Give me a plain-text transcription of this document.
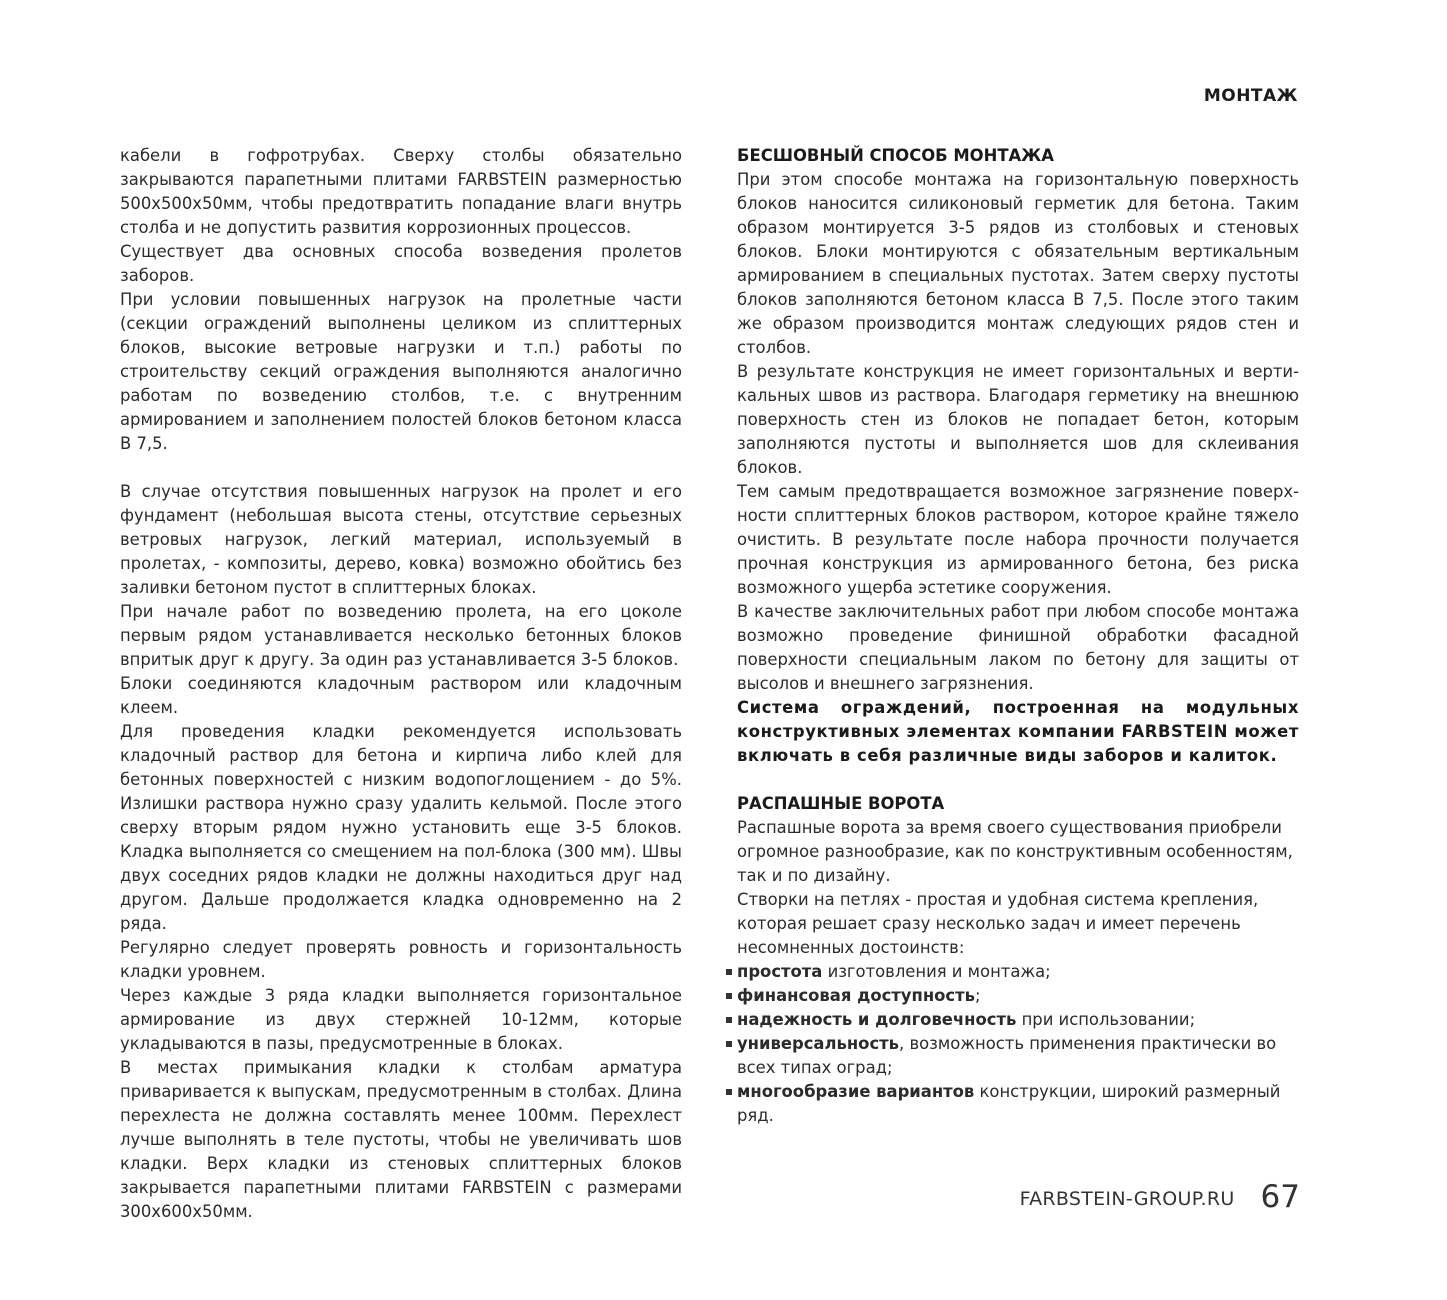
МОНТАЖ

кабели в гофротрубах. Сверху столбы обязательно закрываются парапетными плитами FARBSTEIN размерностью 500х500х50мм, чтобы предотвратить попадание влаги внутрь столба и не допустить развития коррозионных процессов.

Существует два основных способа возведения пролетов заборов.

При условии повышенных нагрузок на пролетные части (секции ограждений выполнены целиком из сплиттерных блоков, высокие ветровые нагрузки и т.п.) работы по строительству секций ограждения выполняются аналогично работам по возведению столбов, т.е. с внутренним армированием и заполнением полостей блоков бетоном класса В 7,5.

В случае отсутствия повышенных нагрузок на пролет и его фундамент (небольшая высота стены, отсутствие серьезных ветровых нагрузок, легкий материал, используемый в пролетах, - композиты, дерево, ковка) возможно обойтись без заливки бетоном пустот в сплиттерных блоках.

При начале работ по возведению пролета, на его цоколе первым рядом устанавливается несколько бетонных блоков впритык друг к другу. За один раз устанавливается 3-5 блоков.

Блоки соединяются кладочным раствором или кладочным клеем.

Для проведения кладки рекомендуется использовать кладочный раствор для бетона и кирпича либо клей для бетонных поверхностей с низким водопоглощением - до 5%. Излишки раствора нужно сразу удалить кельмой. После этого сверху вторым рядом нужно установить еще 3-5 блоков. Кладка выполняется со смещением на пол-блока (300 мм). Швы двух соседних рядов кладки не должны находиться друг над другом. Дальше продолжается кладка одновременно на 2 ряда.

Регулярно следует проверять ровность и горизонтальность кладки уровнем.

Через каждые 3 ряда кладки выполняется горизонтальное армирование из двух стержней 10-12мм, которые укладываются в пазы, предусмотренные в блоках.

В местах примыкания кладки к столбам арматура приваривается к выпускам, предусмотренным в столбах. Длина перехлеста не должна составлять менее 100мм. Перехлест лучше выполнять в теле пустоты, чтобы не увеличивать шов кладки. Верх кладки из стеновых сплиттерных блоков закрывается парапетными плитами FARBSTEIN с размерами 300х600х50мм.

БЕСШОВНЫЙ СПОСОБ МОНТАЖА

При этом способе монтажа на горизонтальную поверхность блоков наносится силиконовый герметик для бетона. Таким образом монтируется 3-5 рядов из столбовых и стеновых блоков. Блоки монтируются с обязательным вертикальным армированием в специальных пустотах. Затем сверху пустоты блоков заполняются бетоном класса В 7,5. После этого таким же образом производится монтаж следующих рядов стен и столбов.

В результате конструкция не имеет горизонтальных и верти-кальных швов из раствора. Благодаря герметику на внешнюю поверхность стен из блоков не попадает бетон, которым заполняются пустоты и выполняется шов для склеивания блоков.

Тем самым предотвращается возможное загрязнение поверх-ности сплиттерных блоков раствором, которое крайне тяжело очистить. В результате после набора прочности получается прочная конструкция из армированного бетона, без риска возможного ущерба эстетике сооружения.

В качестве заключительных работ при любом способе монтажа возможно проведение финишной обработки фасадной поверхности специальным лаком по бетону для защиты от высолов и внешнего загрязнения.

Система ограждений, построенная на модульных конструктивных элементах компании FARBSTEIN может включать в себя различные виды заборов и калиток.

РАСПАШНЫЕ ВОРОТА

Распашные ворота за время своего существования приобрели огромное разнообразие, как по конструктивным особенностям, так и по дизайну.

Створки на петлях - простая и удобная система крепления, которая решает сразу несколько задач и имеет перечень несомненных достоинств:

простота изготовления и монтажа;
финансовая доступность;
надежность и долговечность при использовании;
универсальность, возможность применения практически во всех типах оград;
многообразие вариантов конструкции, широкий размерный ряд.
FARBSTEIN-GROUP.RU 67
